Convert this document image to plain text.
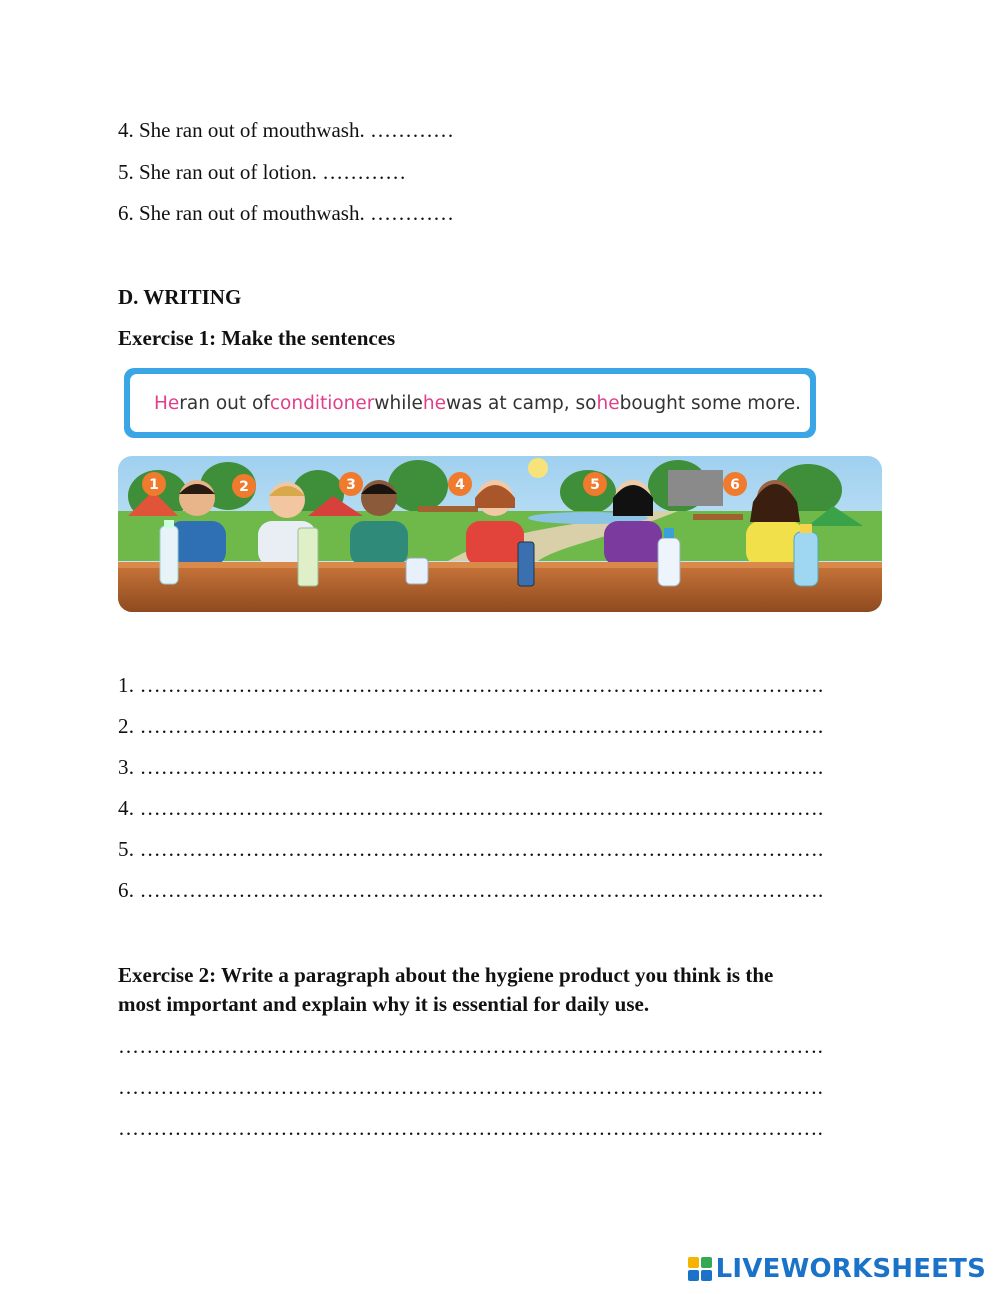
4. She ran out of mouthwash. …………
5. She ran out of lotion. …………
6. She ran out of mouthwash. …………
D. WRITING
Exercise 1: Make the sentences
He ran out of conditioner while he was at camp, so he bought some more.
1	2	3	4	5	6
1. …………………………………………………………………………………….
2. …………………………………………………………………………………….
3. …………………………………………………………………………………….
4. …………………………………………………………………………………….
5. …………………………………………………………………………………….
6. …………………………………………………………………………………….
Exercise 2: Write a paragraph about the hygiene product you think is the
most important and explain why it is essential for daily use.
……………………………………………………………………………………….
……………………………………………………………………………………….
……………………………………………………………………………………….
LIVEWORKSHEETS
